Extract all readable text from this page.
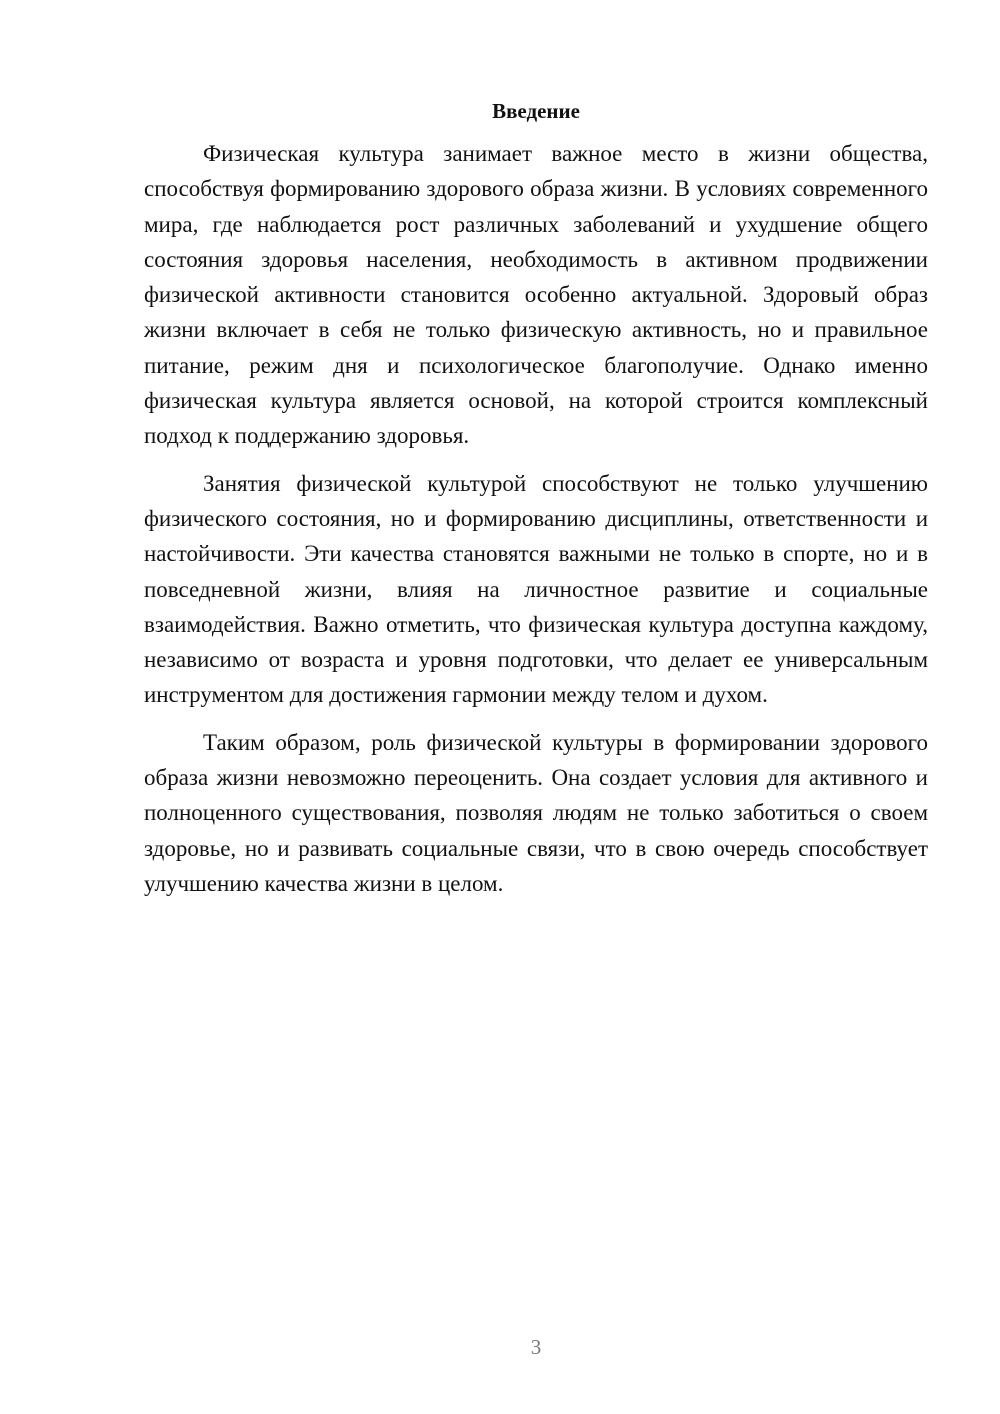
Введение

Физическая культура занимает важное место в жизни общества, способствуя формированию здорового образа жизни. В условиях современного мира, где наблюдается рост различных заболеваний и ухудшение общего состояния здоровья населения, необходимость в активном продвижении физической активности становится особенно актуальной. Здоровый образ жизни включает в себя не только физическую активность, но и правильное питание, режим дня и психологическое благополучие. Однако именно физическая культура является основой, на которой строится комплексный подход к поддержанию здоровья.

Занятия физической культурой способствуют не только улучшению физического состояния, но и формированию дисциплины, ответственности и настойчивости. Эти качества становятся важными не только в спорте, но и в повседневной жизни, влияя на личностное развитие и социальные взаимодействия. Важно отметить, что физическая культура доступна каждому, независимо от возраста и уровня подготовки, что делает ее универсальным инструментом для достижения гармонии между телом и духом.

Таким образом, роль физической культуры в формировании здорового образа жизни невозможно переоценить. Она создает условия для активного и полноценного существования, позволяя людям не только заботиться о своем здоровье, но и развивать социальные связи, что в свою очередь способствует улучшению качества жизни в целом.

3
